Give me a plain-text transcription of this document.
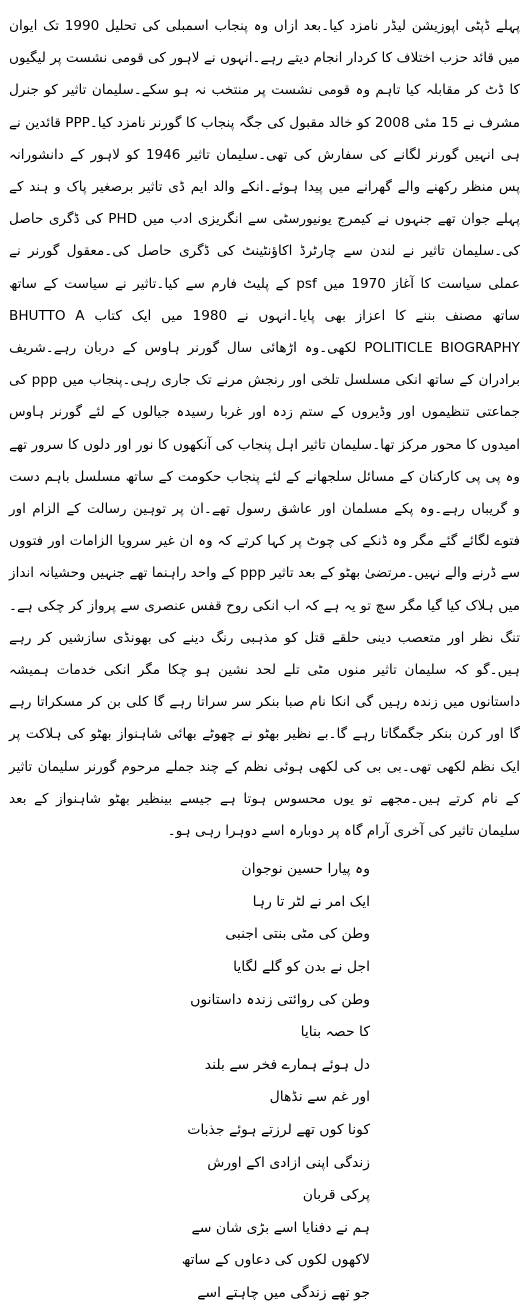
پہلے ڈپٹی اپوزیشن لیڈر نامزد کیا۔بعد ازاں وہ پنجاب اسمبلی کی تحلیل 1990 تک ایوان میں قائد حزب اختلاف کا کردار انجام دیتے رہے۔انہوں نے لاہور کی قومی نشست پر لیگیوں کا ڈٹ کر مقابلہ کیا تاہم وہ قومی نشست پر منتخب نہ ہو سکے۔سلیمان تاثیر کو جنرل مشرف نے 15 مئی 2008 کو خالد مقبول کی جگہ پنجاب کا گورنر نامزد کیا۔PPP قائدین نے ہی انہیں گورنر لگانے کی سفارش کی تھی۔سلیمان تاثیر 1946 کو لاہور کے دانشورانہ پس منظر رکھنے والے گھرانے میں پیدا ہوئے۔انکے والد ایم ڈی تاثیر برصغیر پاک و ہند کے پہلے جوان تھے جنہوں نے کیمرج یونیورسٹی سے انگریزی ادب میں PHD کی ڈگری حاصل کی۔سلیمان تاثیر نے لندن سے چارٹرڈ اکاؤنٹینٹ کی ڈگری حاصل کی۔معقول گورنر نے عملی سیاست کا آغاز 1970 میں psf کے پلیٹ فارم سے کیا۔تاثیر نے سیاست کے ساتھ ساتھ مصنف بننے کا اعزاز بھی پایا۔انہوں نے 1980 میں ایک کتاب BHUTTO A POLITICLE BIOGRAPHY لکھی۔وہ اڑھائی سال گورنر ہاوس کے دربان رہے۔شریف برادران کے ساتھ انکی مسلسل تلخی اور رنجش مرنے تک جاری رہی۔پنجاب میں ppp کی جماعتی تنظیموں اور وڈیروں کے ستم زدہ اور غربا رسیدہ جیالوں کے لئے گورنر ہاوس امیدوں کا محور مرکز تھا۔سلیمان تاثیر اہل پنجاب کی آنکھوں کا نور اور دلوں کا سرور تھے وہ پی پی کارکنان کے مسائل سلجھانے کے لئے پنجاب حکومت کے ساتھ مسلسل باہم دست و گریباں رہے۔وہ پکے مسلمان اور عاشق رسول تھے۔ان پر توہین رسالت کے الزام اور فتوے لگائے گئے مگر وہ ڈنکے کی چوٹ پر کہا کرتے کہ وہ ان غیر سرویا الزامات اور فتووں سے ڈرنے والے نہیں۔مرتضیٰ بھٹو کے بعد تاثیر ppp کے واحد راہنما تھے جنہیں وحشیانہ انداز میں ہلاک کیا گیا مگر سچ تو یہ ہے کہ اب انکی روح قفس عنصری سے پرواز کر چکی ہے۔تنگ نظر اور متعصب دینی حلقے قتل کو مذہبی رنگ دینے کی بھونڈی سازشیں کر رہے ہیں۔گو کہ سلیمان تاثیر منوں مٹی تلے لحد نشین ہو چکا مگر انکی خدمات ہمیشہ داستانوں میں زندہ رہیں گی انکا نام صبا بنکر سر سراتا رہے گا کلی بن کر مسکراتا رہے گا اور کرن بنکر جگمگاتا رہے گا۔بے نظیر بھٹو نے چھوٹے بھائی شاہنواز بھٹو کی ہلاکت پر ایک نظم لکھی تھی۔بی بی کی لکھی ہوئی نظم کے چند جملے مرحوم گورنر سلیمان تاثیر کے نام کرتے ہیں۔مجھے تو یوں محسوس ہوتا ہے جیسے بینظیر بھٹو شاہنواز کے بعد سلیمان تاثیر کی آخری آرام گاہ پر دوبارہ اسے دوہرا رہی ہو۔

وہ پیارا حسین نوجوان
ایک امر نے لٹر تا رہا
وطن کی مٹی بنتی اجنبی
اجل نے بدن کو گلے لگایا
وطن کی روائتی زندہ داستانوں
کا حصہ بنایا
دل ہوئے ہمارے فخر سے بلند
اور غم سے نڈھال
کونا کوں تھے لرزتے ہوئے جذبات
زندگی اپنی ازادی اکے اورش
پرکی قربان
ہم نے دفنایا اسے بڑی شان سے
لاکھوں لکوں کی دعاوں کے ساتھ
جو تھے زندگی میں چاہتے اسے
